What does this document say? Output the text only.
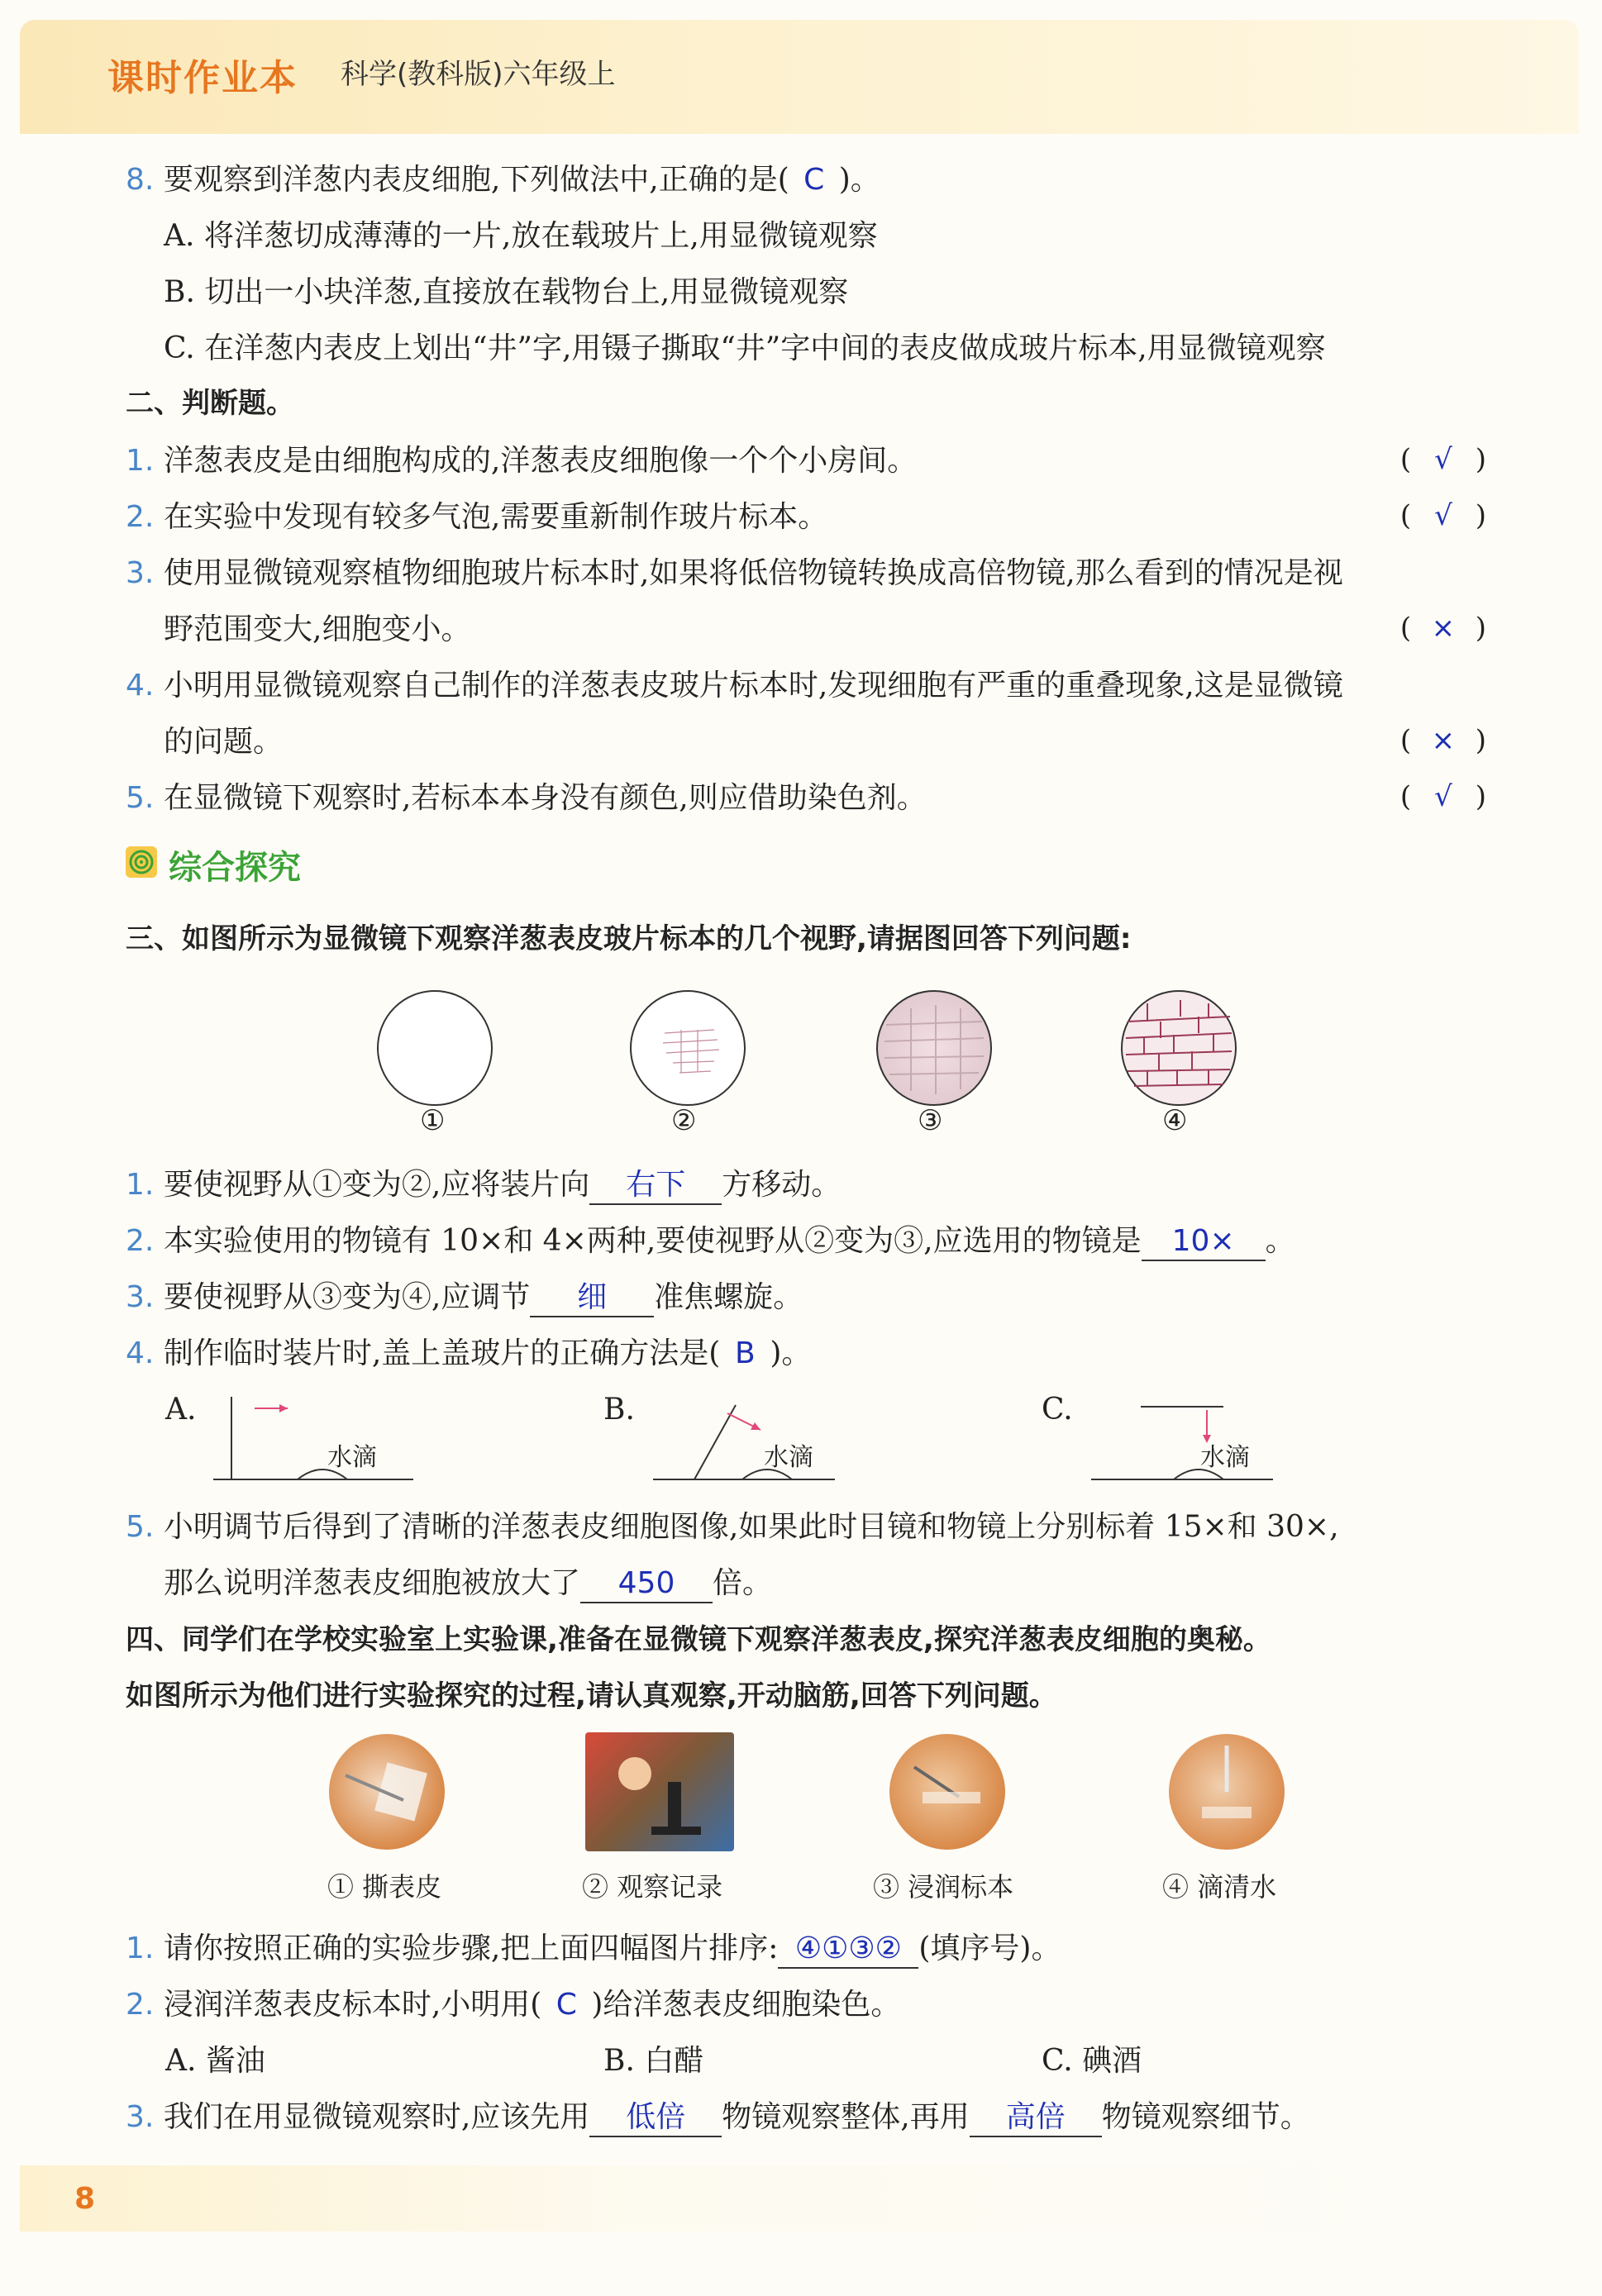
课时作业本 科学(教科版)六年级上
8. 要观察到洋葱内表皮细胞,下列做法中,正确的是( C )。
A. 将洋葱切成薄薄的一片,放在载玻片上,用显微镜观察
B. 切出一小块洋葱,直接放在载物台上,用显微镜观察
C. 在洋葱内表皮上划出“井”字,用镊子撕取“井”字中间的表皮做成玻片标本,用显微镜观察
二、判断题。
1. 洋葱表皮是由细胞构成的,洋葱表皮细胞像一个个小房间。	( √ )
2. 在实验中发现有较多气泡,需要重新制作玻片标本。	( √ )
3. 使用显微镜观察植物细胞玻片标本时,如果将低倍物镜转换成高倍物镜,那么看到的情况是视
野范围变大,细胞变小。	( × )
4. 小明用显微镜观察自己制作的洋葱表皮玻片标本时,发现细胞有严重的重叠现象,这是显微镜
的问题。	( × )
5. 在显微镜下观察时,若标本本身没有颜色,则应借助染色剂。	( √ )
综合探究
三、如图所示为显微镜下观察洋葱表皮玻片标本的几个视野,请据图回答下列问题:
①	②	③	④
1. 要使视野从①变为②,应将装片向 右下 方移动。
2. 本实验使用的物镜有 10×和 4×两种,要使视野从②变为③,应选用的物镜是 10× 。
3. 要使视野从③变为④,应调节 细 准焦螺旋。
4. 制作临时装片时,盖上盖玻片的正确方法是( B )。
A.
水滴
B.
水滴
C.
水滴
5. 小明调节后得到了清晰的洋葱表皮细胞图像,如果此时目镜和物镜上分别标着 15×和 30×,
那么说明洋葱表皮细胞被放大了 450 倍。
四、同学们在学校实验室上实验课,准备在显微镜下观察洋葱表皮,探究洋葱表皮细胞的奥秘。
如图所示为他们进行实验探究的过程,请认真观察,开动脑筋,回答下列问题。
① 撕表皮	② 观察记录	③ 浸润标本	④ 滴清水
1. 请你按照正确的实验步骤,把上面四幅图片排序: ④①③② (填序号)。
2. 浸润洋葱表皮标本时,小明用( C )给洋葱表皮细胞染色。
A. 酱油	B. 白醋	C. 碘酒
3. 我们在用显微镜观察时,应该先用 低倍 物镜观察整体,再用 高倍 物镜观察细节。
8
